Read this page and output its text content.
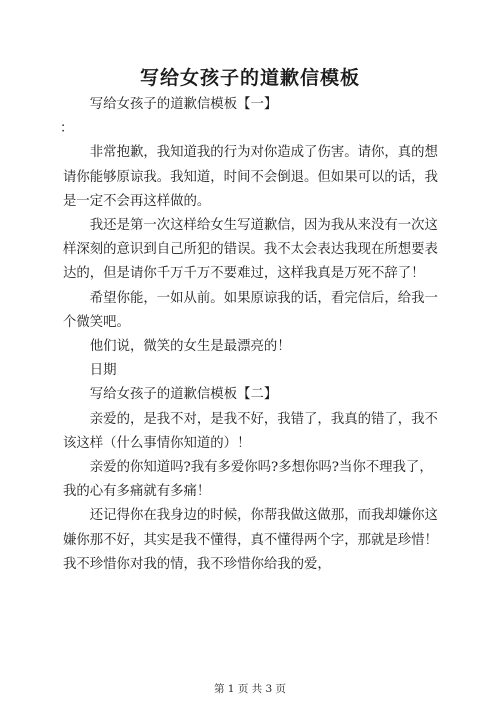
写给女孩子的道歉信模板

写给女孩子的道歉信模板【一】

：

非常抱歉，我知道我的行为对你造成了伤害。请你，真的想请你能够原谅我。我知道，时间不会倒退。但如果可以的话，我是一定不会再这样做的。

我还是第一次这样给女生写道歉信，因为我从来没有一次这样深刻的意识到自己所犯的错误。我不太会表达我现在所想要表达的，但是请你千万千万不要难过，这样我真是万死不辞了！

希望你能，一如从前。如果原谅我的话，看完信后，给我一个微笑吧。

他们说，微笑的女生是最漂亮的！

日期

写给女孩子的道歉信模板【二】

亲爱的，是我不对，是我不好，我错了，我真的错了，我不该这样（什么事情你知道的）！

亲爱的你知道吗?我有多爱你吗?多想你吗?当你不理我了，我的心有多痛就有多痛！

还记得你在我身边的时候，你帮我做这做那，而我却嫌你这嫌你那不好，其实是我不懂得，真不懂得两个字，那就是珍惜！我不珍惜你对我的情，我不珍惜你给我的爱，

第 1 页 共 3 页
